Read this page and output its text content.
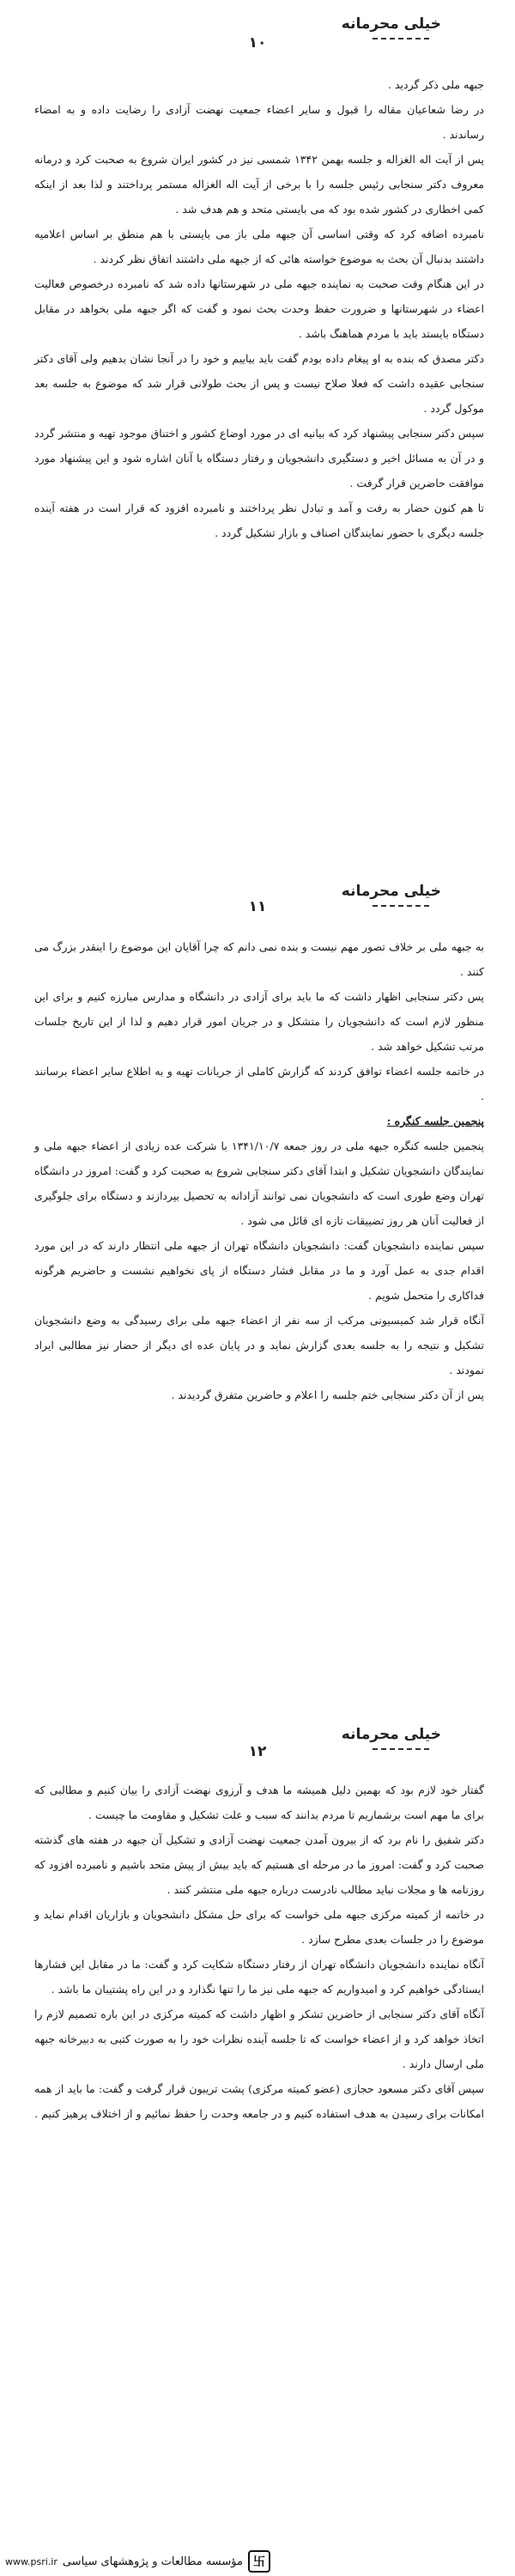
خیلی محرمانه
۱۰

جبهه ملی ذکر گردید .

در رضا شعاعیان مقاله را قبول و سایر اعضاء جمعیت نهضت آزادی را رضایت داده و به امضاء رساندند .

پس از آیت اله الغزاله و جلسه بهمن ۱۳۴۲ شمسی نیز در کشور ایران شروع به صحبت کرد و درمانه معروف دکتر سنجابی رئیس جلسه را با برخی از آیت اله الغزاله مستمر پرداختند و لذا بعد از اینکه کمی اخطاری در کشور شده بود که می بایستی متحد و هم هدف شد .

نامبرده اضافه کرد که وقتی اساسی آن جبهه ملی باز می بایستی با هم منطق بر اساس اعلامیه داشتند بدنبال آن بحث به موضوع خواسته هائی که از جبهه ملی داشتند اتفاق نظر کردند .

در این هنگام وقت صحبت به نماینده جبهه ملی در شهرستانها داده شد که نامبرده درخصوص فعالیت اعضاء در شهرستانها و ضرورت حفظ وحدت بحث نمود و گفت که اگر جبهه ملی بخواهد در مقابل دستگاه بایستد باید با مردم هماهنگ باشد .

دکتر مصدق که بنده به او پیغام داده بودم گفت باید بیاییم و خود را در آنجا نشان بدهیم ولی آقای دکتر سنجابی عقیده داشت که فعلا صلاح نیست و پس از بحث طولانی قرار شد که موضوع به جلسه بعد موکول گردد .

سپس دکتر سنجابی پیشنهاد کرد که بیانیه ای در مورد اوضاع کشور و اختناق موجود تهیه و منتشر گردد و در آن به مسائل اخیر و دستگیری دانشجویان و رفتار دستگاه با آنان اشاره شود و این پیشنهاد مورد موافقت حاضرین قرار گرفت .

تا هم کنون حضار به رفت و آمد و تبادل نظر پرداختند و نامبرده افزود که قرار است در هفته آینده جلسه دیگری با حضور نمایندگان اصناف و بازار تشکیل گردد .

خیلی محرمانه
۱۱

به جبهه ملی بر خلاف تصور مهم نیست و بنده نمی دانم که چرا آقایان این موضوع را اینقدر بزرگ می کنند .

پس دکتر سنجابی اظهار داشت که ما باید برای آزادی در دانشگاه و مدارس مبارزه کنیم و برای این منظور لازم است که دانشجویان را متشکل و در جریان امور قرار دهیم و لذا از این تاریخ جلسات مرتب تشکیل خواهد شد .

در خاتمه جلسه اعضاء توافق کردند که گزارش کاملی از جریانات تهیه و به اطلاع سایر اعضاء برسانند .

پنجمین جلسه کنگره :

پنجمین جلسه کنگره جبهه ملی در روز جمعه ۱۳۴۱/۱۰/۷ با شرکت عده زیادی از اعضاء جبهه ملی و نمایندگان دانشجویان تشکیل و ابتدا آقای دکتر سنجابی شروع به صحبت کرد و گفت: امروز در دانشگاه تهران وضع طوری است که دانشجویان نمی توانند آزادانه به تحصیل بپردازند و دستگاه برای جلوگیری از فعالیت آنان هر روز تضییقات تازه ای قائل می شود .

سپس نماینده دانشجویان گفت: دانشجویان دانشگاه تهران از جبهه ملی انتظار دارند که در این مورد اقدام جدی به عمل آورد و ما در مقابل فشار دستگاه از پای نخواهیم نشست و حاضریم هرگونه فداکاری را متحمل شویم .

آنگاه قرار شد کمیسیونی مرکب از سه نفر از اعضاء جبهه ملی برای رسیدگی به وضع دانشجویان تشکیل و نتیجه را به جلسه بعدی گزارش نماید و در پایان عده ای دیگر از حضار نیز مطالبی ایراد نمودند .

پس از آن دکتر سنجابی ختم جلسه را اعلام و حاضرین متفرق گردیدند .

خیلی محرمانه
۱۲

گفتار خود لازم بود که بهمین دلیل همیشه ما هدف و آرزوی نهضت آزادی را بیان کنیم و مطالبی که برای ما مهم است برشماریم تا مردم بدانند که سبب و علت تشکیل و مقاومت ما چیست .

دکتر شفیق را نام برد که از بیرون آمدن جمعیت نهضت آزادی و تشکیل آن جبهه در هفته های گذشته صحبت کرد و گفت: امروز ما در مرحله ای هستیم که باید بیش از پیش متحد باشیم و نامبرده افزود که روزنامه ها و مجلات نباید مطالب نادرست درباره جبهه ملی منتشر کنند .

در خاتمه از کمیته مرکزی جبهه ملی خواست که برای حل مشکل دانشجویان و بازاریان اقدام نماید و موضوع را در جلسات بعدی مطرح سازد .

آنگاه نماینده دانشجویان دانشگاه تهران از رفتار دستگاه شکایت کرد و گفت: ما در مقابل این فشارها ایستادگی خواهیم کرد و امیدواریم که جبهه ملی نیز ما را تنها نگذارد و در این راه پشتیبان ما باشد .

آنگاه آقای دکتر سنجابی از حاضرین تشکر و اظهار داشت که کمیته مرکزی در این باره تصمیم لازم را اتخاذ خواهد کرد و از اعضاء خواست که تا جلسه آینده نظرات خود را به صورت کتبی به دبیرخانه جبهه ملی ارسال دارند .

سپس آقای دکتر مسعود حجازی (عضو کمیته مرکزی) پشت تریبون قرار گرفت و گفت: ما باید از همه امکانات برای رسیدن به هدف استفاده کنیم و در جامعه وحدت را حفظ نمائیم و از اختلاف پرهیز کنیم .

卐
مؤسسه مطالعات و پژوهشهای سیاسی
www.psri.ir
